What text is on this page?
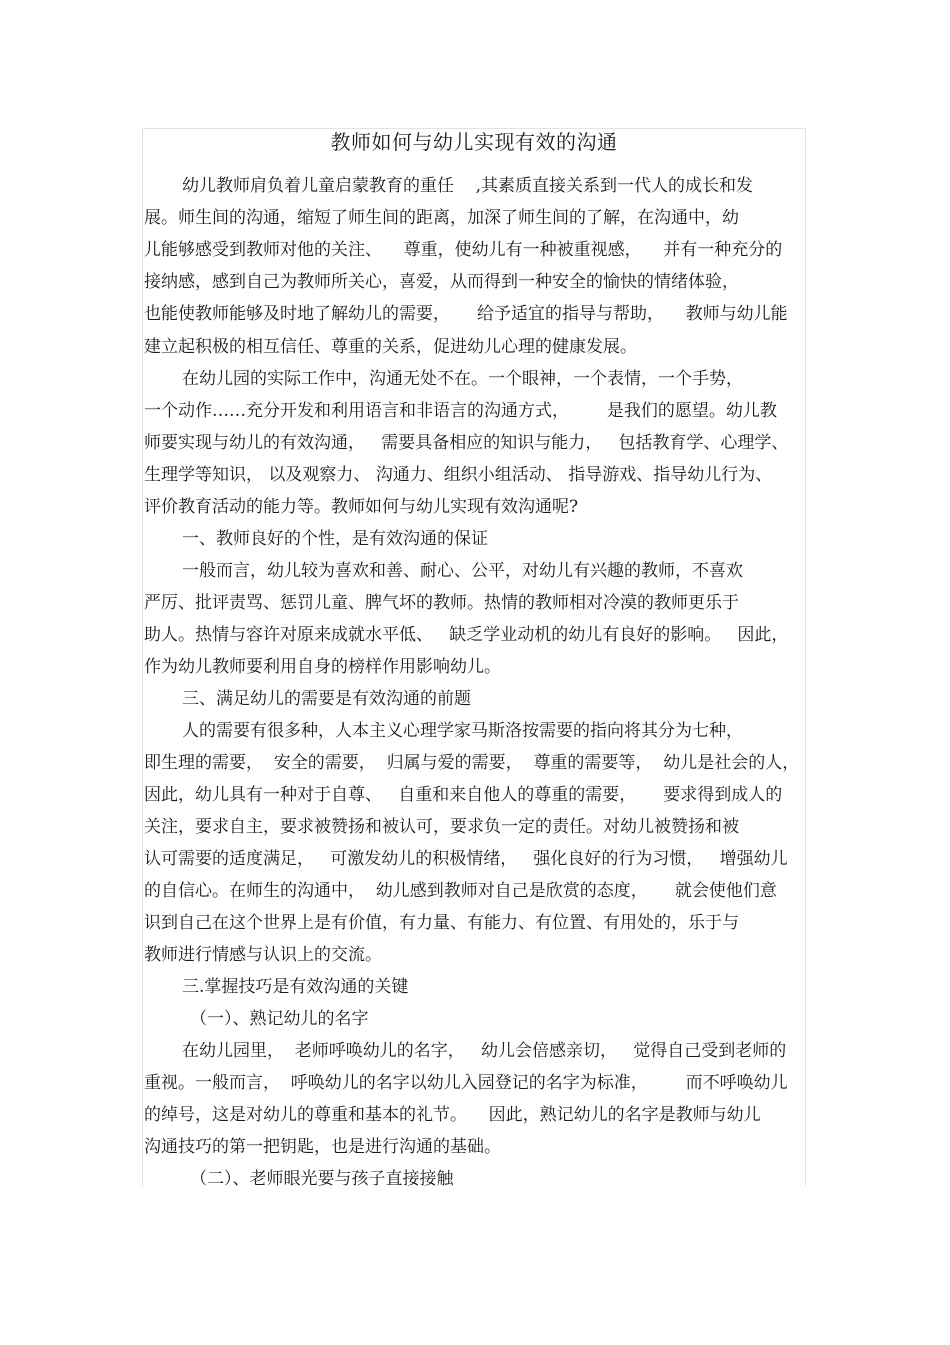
教师如何与幼儿实现有效的沟通
幼儿教师肩负着儿童启蒙教育的重任    ,其素质直接关系到一代人的成长和发
展。师生间的沟通，缩短了师生间的距离，加深了师生间的了解，在沟通中，幼
儿能够感受到教师对他的关注、    尊重，使幼儿有一种被重视感，    并有一种充分的
接纳感，感到自己为教师所关心，喜爱，从而得到一种安全的愉快的情绪体验，
也能使教师能够及时地了解幼儿的需要，     给予适宜的指导与帮助，    教师与幼儿能
建立起积极的相互信任、尊重的关系，促进幼儿心理的健康发展。
在幼儿园的实际工作中，沟通无处不在。一个眼神，一个表情，一个手势，
一个动作……充分开发和利用语言和非语言的沟通方式，       是我们的愿望。幼儿教
师要实现与幼儿的有效沟通，   需要具备相应的知识与能力，   包括教育学、心理学、
生理学等知识， 以及观察力、 沟通力、组织小组活动、 指导游戏、指导幼儿行为、
评价教育活动的能力等。教师如何与幼儿实现有效沟通呢?
一、教师良好的个性，是有效沟通的保证
一般而言，幼儿较为喜欢和善、耐心、公平，对幼儿有兴趣的教师，不喜欢
严厉、批评责骂、惩罚儿童、脾气坏的教师。热情的教师相对冷漠的教师更乐于
助人。热情与容许对原来成就水平低、   缺乏学业动机的幼儿有良好的影响。   因此，
作为幼儿教师要利用自身的榜样作用影响幼儿。
三、满足幼儿的需要是有效沟通的前题
人的需要有很多种，人本主义心理学家马斯洛按需要的指向将其分为七种，
即生理的需要，  安全的需要，  归属与爱的需要，  尊重的需要等，  幼儿是社会的人，
因此，幼儿具有一种对于自尊、   自重和来自他人的尊重的需要，     要求得到成人的
关注，要求自主，要求被赞扬和被认可，要求负一定的责任。对幼儿被赞扬和被
认可需要的适度满足，   可激发幼儿的积极情绪，   强化良好的行为习惯，   增强幼儿
的自信心。在师生的沟通中，  幼儿感到教师对自己是欣赏的态度，     就会使他们意
识到自己在这个世界上是有价值，有力量、有能力、有位置、有用处的，乐于与
教师进行情感与认识上的交流。
三.掌握技巧是有效沟通的关键
（一）、熟记幼儿的名字
在幼儿园里，  老师呼唤幼儿的名字，   幼儿会倍感亲切，   觉得自己受到老师的
重视。一般而言，  呼唤幼儿的名字以幼儿入园登记的名字为标准，       而不呼唤幼儿
的绰号，这是对幼儿的尊重和基本的礼节。    因此，熟记幼儿的名字是教师与幼儿
沟通技巧的第一把钥匙，也是进行沟通的基础。
（二）、老师眼光要与孩子直接接触
